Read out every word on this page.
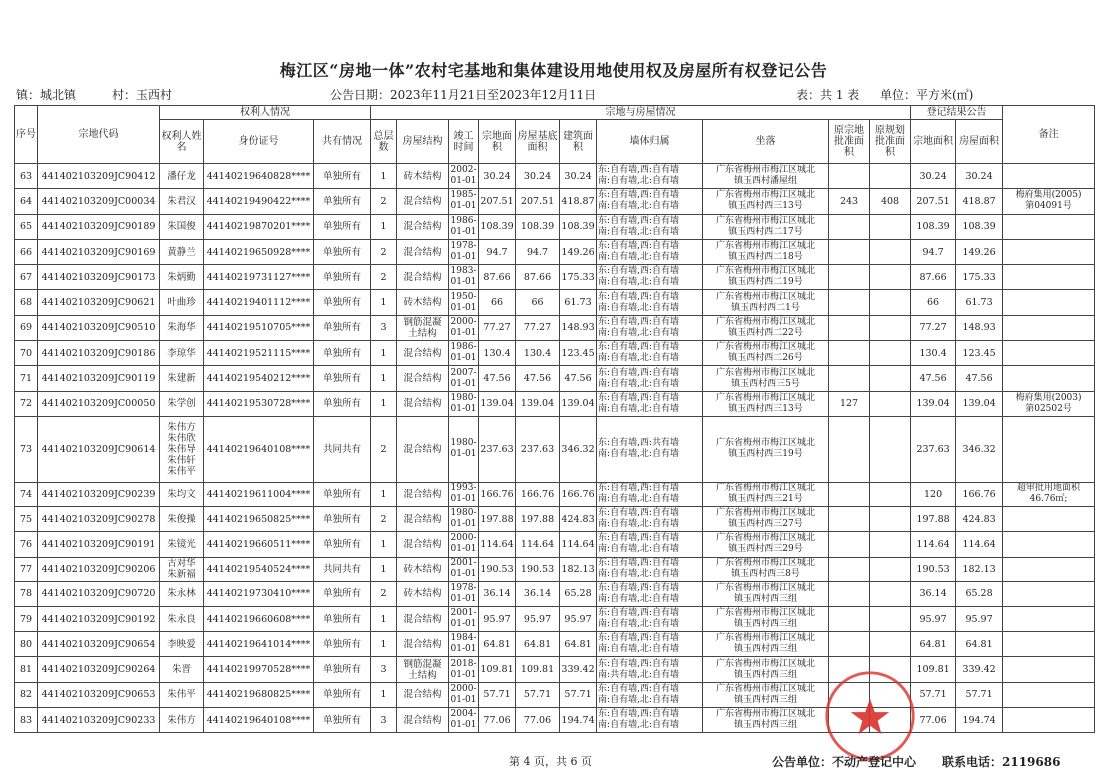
梅江区“房地一体”农村宅基地和集体建设用地使用权及房屋所有权登记公告
镇：城北镇	村：玉西村	公告日期：2023年11月21日至2023年12月11日	表：共 1 表 单位：平方米(㎡)
序号	宗地代码	权利人情况			宗地与房屋情况										登记结果公告		备注
		权利人姓名	身份证号	共有情况	总层数	房屋结构	竣工时间	宗地面积	房屋基底面积	建筑面积	墙体归属	坐落	原宗地批准面积	原规划批准面积	宗地面积	房屋面积	
63	441402103209JC90412	潘仔龙	44140219640828****	单独所有	1	砖木结构	2002-01-01	30.24	30.24	30.24	东:自有墙,西:自有墙
南:自有墙,北:自有墙	广东省梅州市梅江区城北
镇玉西村潘屋组			30.24	30.24	
64	441402103209JC00034	朱君汉	44140219490422****	单独所有	2	混合结构	1985-01-01	207.51	207.51	418.87	东:自有墙,西:自有墙
南:自有墙,北:自有墙	广东省梅州市梅江区城北
镇玉西村西三13号	243	408	207.51	418.87	梅府集用(2005)
第04091号
65	441402103209JC90189	朱国俊	44140219870201****	单独所有	1	混合结构	1986-01-01	108.39	108.39	108.39	东:自有墙,西:自有墙
南:自有墙,北:自有墙	广东省梅州市梅江区城北
镇玉西村西二17号			108.39	108.39	
66	441402103209JC90169	黄静兰	44140219650928****	单独所有	2	混合结构	1978-01-01	94.7	94.7	149.26	东:自有墙,西:自有墙
南:自有墙,北:自有墙	广东省梅州市梅江区城北
镇玉西村西二18号			94.7	149.26	
67	441402103209JC90173	朱炳勤	44140219731127****	单独所有	2	混合结构	1983-01-01	87.66	87.66	175.33	东:自有墙,西:自有墙
南:自有墙,北:自有墙	广东省梅州市梅江区城北
镇玉西村西二19号			87.66	175.33	
68	441402103209JC90621	叶曲珍	44140219401112****	单独所有	1	砖木结构	1950-01-01	66	66	61.73	东:自有墙,西:自有墙
南:自有墙,北:自有墙	广东省梅州市梅江区城北
镇玉西村西二1号			66	61.73	
69	441402103209JC90510	朱海华	44140219510705****	单独所有	3	钢筋混凝
土结构	2000-01-01	77.27	77.27	148.93	东:自有墙,西:自有墙
南:自有墙,北:自有墙	广东省梅州市梅江区城北
镇玉西村西二22号			77.27	148.93	
70	441402103209JC90186	李琼华	44140219521115****	单独所有	1	混合结构	1986-01-01	130.4	130.4	123.45	东:自有墙,西:自有墙
南:自有墙,北:自有墙	广东省梅州市梅江区城北
镇玉西村西二26号			130.4	123.45	
71	441402103209JC90119	朱建新	44140219540212****	单独所有	1	混合结构	2007-01-01	47.56	47.56	47.56	东:自有墙,西:自有墙
南:自有墙,北:自有墙	广东省梅州市梅江区城北
镇玉西村西三5号			47.56	47.56	
72	441402103209JC00050	朱学创	44140219530728****	单独所有	1	混合结构	1980-01-01	139.04	139.04	139.04	东:自有墙,西:自有墙
南:自有墙,北:自有墙	广东省梅州市梅江区城北
镇玉西村西三13号	127		139.04	139.04	梅府集用(2003)
第02502号
73	441402103209JC90614	朱伟方
朱伟欣
朱伟导
朱伟轩
朱伟平	44140219640108****	共同共有	2	混合结构	1980-01-01	237.63	237.63	346.32	东:自有墙,西:共有墙
南:自有墙,北:自有墙	广东省梅州市梅江区城北
镇玉西村西三19号			237.63	346.32	
74	441402103209JC90239	朱均文	44140219611004****	单独所有	1	混合结构	1993-01-01	166.76	166.76	166.76	东:自有墙,西:自有墙
南:自有墙,北:自有墙	广东省梅州市梅江区城北
镇玉西村西三21号			120	166.76	超审批用地面积
46.76㎡;
75	441402103209JC90278	朱俊操	44140219650825****	单独所有	2	混合结构	1980-01-01	197.88	197.88	424.83	东:自有墙,西:自有墙
南:自有墙,北:自有墙	广东省梅州市梅江区城北
镇玉西村西三27号			197.88	424.83	
76	441402103209JC90191	朱镜光	44140219660511****	单独所有	1	混合结构	2000-01-01	114.64	114.64	114.64	东:自有墙,西:自有墙
南:自有墙,北:自有墙	广东省梅州市梅江区城北
镇玉西村西三29号			114.64	114.64	
77	441402103209JC90206	古对华
朱新福	44140219540524****	共同共有	1	砖木结构	2001-01-01	190.53	190.53	182.13	东:自有墙,西:自有墙
南:自有墙,北:自有墙	广东省梅州市梅江区城北
镇玉西村西三8号			190.53	182.13	
78	441402103209JC90720	朱永林	44140219730410****	单独所有	2	砖木结构	1978-01-01	36.14	36.14	65.28	东:自有墙,西:自有墙
南:自有墙,北:自有墙	广东省梅州市梅江区城北
镇玉西村西三组			36.14	65.28	
79	441402103209JC90192	朱永良	44140219660608****	单独所有	1	混合结构	2001-01-01	95.97	95.97	95.97	东:自有墙,西:自有墙
南:自有墙,北:自有墙	广东省梅州市梅江区城北
镇玉西村西三组			95.97	95.97	
80	441402103209JC90654	李映爱	44140219641014****	单独所有	1	混合结构	1984-01-01	64.81	64.81	64.81	东:自有墙,西:自有墙
南:自有墙,北:自有墙	广东省梅州市梅江区城北
镇玉西村西三组			64.81	64.81	
81	441402103209JC90264	朱晋	44140219970528****	单独所有	3	钢筋混凝
土结构	2018-01-01	109.81	109.81	339.42	东:自有墙,西:自有墙
南:共有墙,北:自有墙	广东省梅州市梅江区城北
镇玉西村西三组			109.81	339.42	
82	441402103209JC90653	朱伟平	44140219680825****	单独所有	1	混合结构	2000-01-01	57.71	57.71	57.71	东:自有墙,西:自有墙
南:自有墙,北:自有墙	广东省梅州市梅江区城北
镇玉西村西三组			57.71	57.71	
83	441402103209JC90233	朱伟方	44140219640108****	单独所有	3	混合结构	2004-01-01	77.06	77.06	194.74	东:自有墙,西:自有墙
南:自有墙,北:自有墙	广东省梅州市梅江区城北
镇玉西村西三组			77.06	194.74	
第 4 页，共 6 页	公告单位：不动产登记中心 联系电话：2119686
